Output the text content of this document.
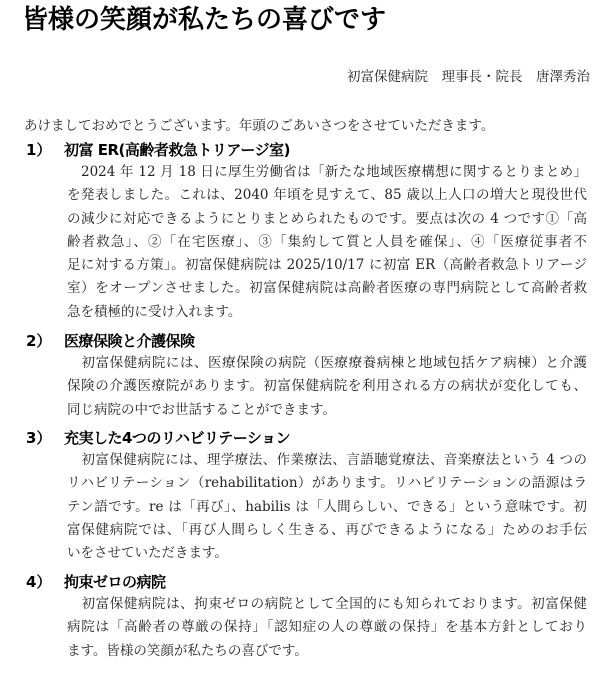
皆様の笑顔が私たちの喜びです
初富保健病院　理事長・院長　唐澤秀治
あけましておめでとうございます。年頭のごあいさつをさせていただきます。
1） 初富 ER(高齢者救急トリアージ室)
2024 年 12 月 18 日に厚生労働省は「新たな地域医療構想に関するとりまとめ」
を発表しました。これは、2040 年頃を見すえて、85 歳以上人口の増大と現役世代
の減少に対応できるようにとりまとめられたものです。要点は次の 4 つです①「高
齢者救急」、②「在宅医療」、③「集約して質と人員を確保」、④「医療従事者不
足に対する方策」。初富保健病院は 2025/10/17 に初富 ER（高齢者救急トリアージ
室）をオープンさせました。初富保健病院は高齢者医療の専門病院として高齢者救
急を積極的に受け入れます。
2） 医療保険と介護保険
初富保健病院には、医療保険の病院（医療療養病棟と地域包括ケア病棟）と介護
保険の介護医療院があります。初富保健病院を利用される方の病状が変化しても、
同じ病院の中でお世話することができます。
3） 充実した4つのリハビリテーション
初富保健病院には、理学療法、作業療法、言語聴覚療法、音楽療法という 4 つの
リハビリテーション（rehabilitation）があります。リハビリテーションの語源はラ
テン語です。re は「再び」、habilis は「人間らしい、できる」という意味です。初
富保健病院では、「再び人間らしく生きる、再びできるようになる」ためのお手伝
いをさせていただきます。
4） 拘束ゼロの病院
初富保健病院は、拘束ゼロの病院として全国的にも知られております。初富保健
病院は「高齢者の尊厳の保持」「認知症の人の尊厳の保持」を基本方針としており
ます。皆様の笑顔が私たちの喜びです。
